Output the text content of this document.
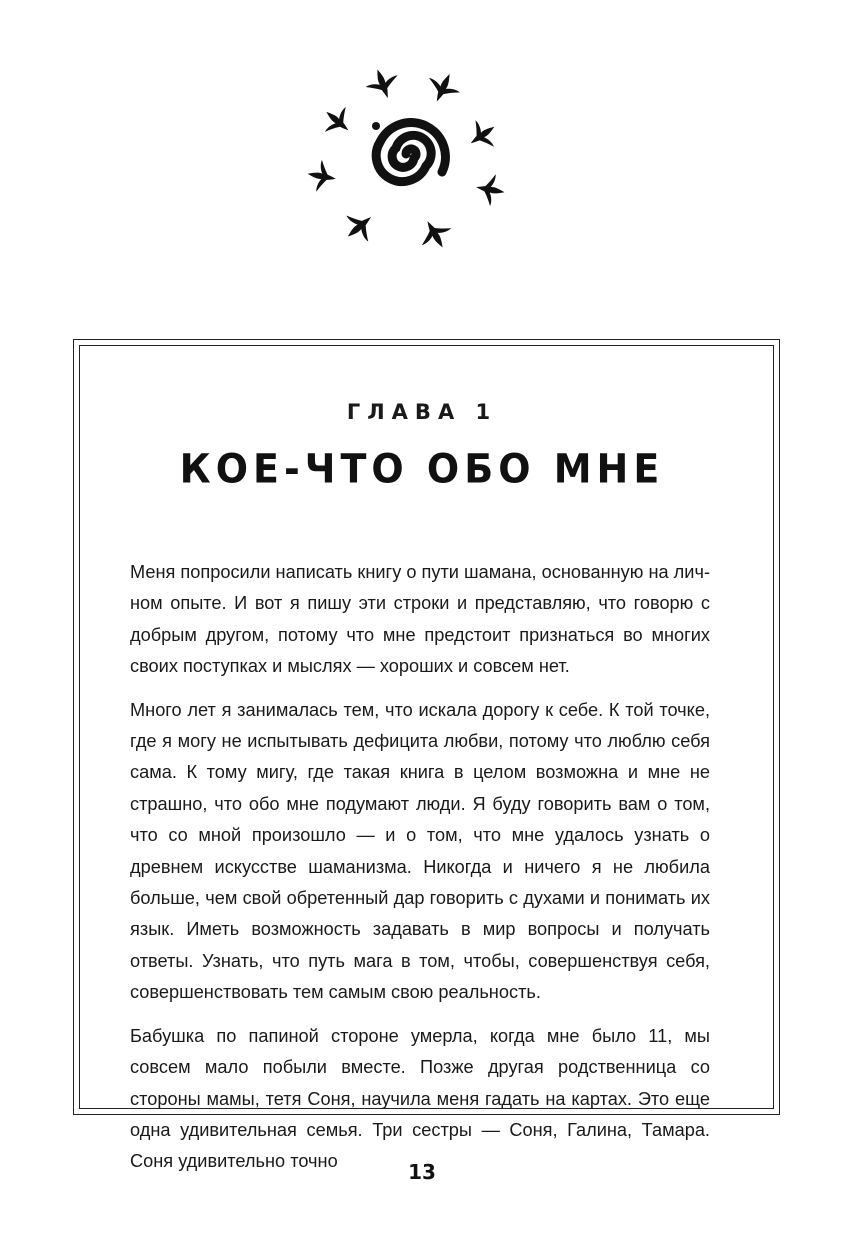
ГЛАВА 1
КОЕ-ЧТО ОБО МНЕ

Меня попросили написать книгу о пути шамана, основанную на личном опыте. И вот я пишу эти строки и представляю, что говорю с добрым другом, потому что мне предстоит признаться во многих своих поступках и мыслях — хороших и совсем нет.

Много лет я занималась тем, что искала дорогу к себе. К той точке, где я могу не испытывать дефицита любви, потому что люблю себя сама. К тому мигу, где такая книга в целом возможна и мне не страшно, что обо мне подумают люди. Я буду говорить вам о том, что со мной произошло — и о том, что мне удалось узнать о древнем искусстве шаманизма. Никогда и ничего я не любила больше, чем свой обретенный дар говорить с духами и понимать их язык. Иметь возможность задавать в мир вопросы и получать ответы. Узнать, что путь мага в том, чтобы, совершенствуя себя, совершенствовать тем самым свою реальность.

Бабушка по папиной стороне умерла, когда мне было 11, мы совсем мало побыли вместе. Позже другая родственница со стороны мамы, тетя Соня, научила меня гадать на картах. Это еще одна удивительная семья. Три сестры — Соня, Галина, Тамара. Соня удивительно точно	13
